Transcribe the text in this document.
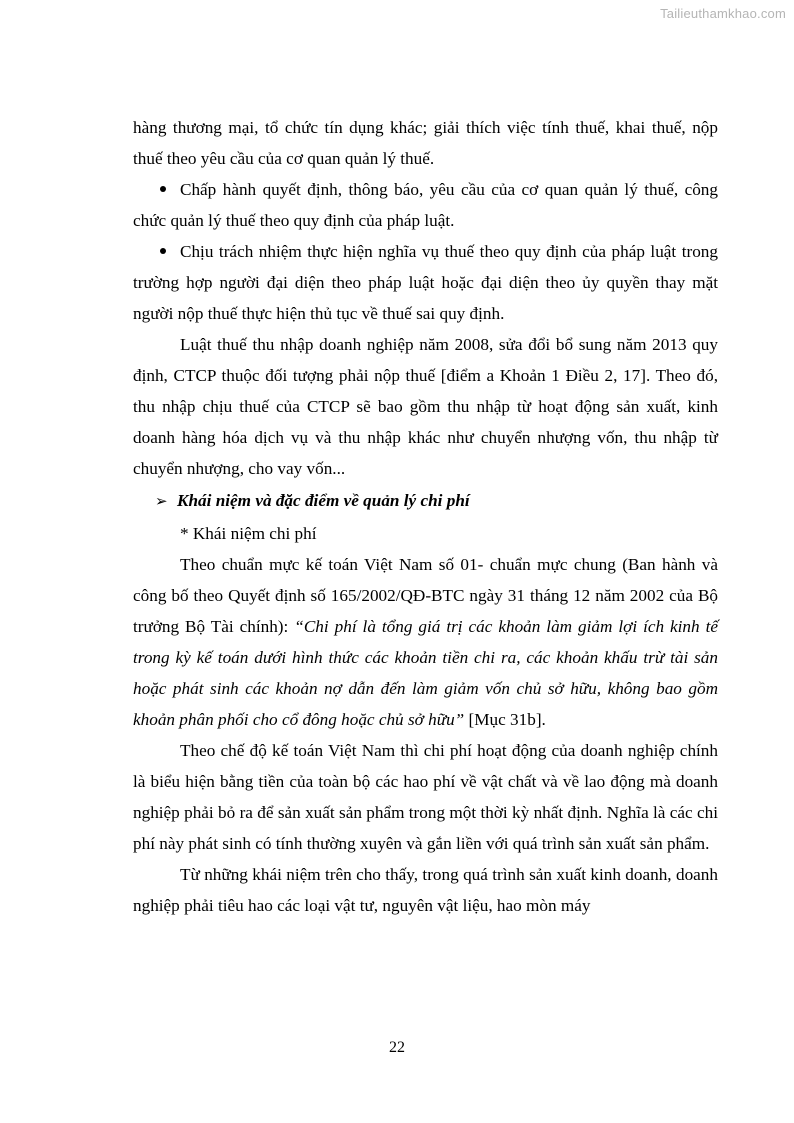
Tailieuthamkhao.com

hàng thương mại, tổ chức tín dụng khác; giải thích việc tính thuế, khai thuế, nộp thuế theo yêu cầu của cơ quan quản lý thuế.

Chấp hành quyết định, thông báo, yêu cầu của cơ quan quản lý thuế, công chức quản lý thuế theo quy định của pháp luật.

Chịu trách nhiệm thực hiện nghĩa vụ thuế theo quy định của pháp luật trong trường hợp người đại diện theo pháp luật hoặc đại diện theo ủy quyền thay mặt người nộp thuế thực hiện thủ tục về thuế sai quy định.

Luật thuế thu nhập doanh nghiệp năm 2008, sửa đổi bổ sung năm 2013 quy định, CTCP thuộc đối tượng phải nộp thuế [điểm a Khoản 1 Điều 2, 17]. Theo đó, thu nhập chịu thuế của CTCP sẽ bao gồm thu nhập từ hoạt động sản xuất, kinh doanh hàng hóa dịch vụ và thu nhập khác như chuyển nhượng vốn, thu nhập từ chuyển nhượng, cho vay vốn...

➢ Khái niệm và đặc điểm về quản lý chi phí

* Khái niệm chi phí

Theo chuẩn mực kế toán Việt Nam số 01- chuẩn mực chung (Ban hành và công bố theo Quyết định số 165/2002/QĐ-BTC ngày 31 tháng 12 năm 2002 của Bộ trưởng Bộ Tài chính): “Chi phí là tổng giá trị các khoản làm giảm lợi ích kinh tế trong kỳ kế toán dưới hình thức các khoản tiền chi ra, các khoản khấu trừ tài sản hoặc phát sinh các khoản nợ dẫn đến làm giảm vốn chủ sở hữu, không bao gồm khoản phân phối cho cổ đông hoặc chủ sở hữu” [Mục 31b].

Theo chế độ kế toán Việt Nam thì chi phí hoạt động của doanh nghiệp chính là biểu hiện bằng tiền của toàn bộ các hao phí về vật chất và về lao động mà doanh nghiệp phải bỏ ra để sản xuất sản phẩm trong một thời kỳ nhất định. Nghĩa là các chi phí này phát sinh có tính thường xuyên và gắn liền với quá trình sản xuất sản phẩm.

Từ những khái niệm trên cho thấy, trong quá trình sản xuất kinh doanh, doanh nghiệp phải tiêu hao các loại vật tư, nguyên vật liệu, hao mòn máy

22
